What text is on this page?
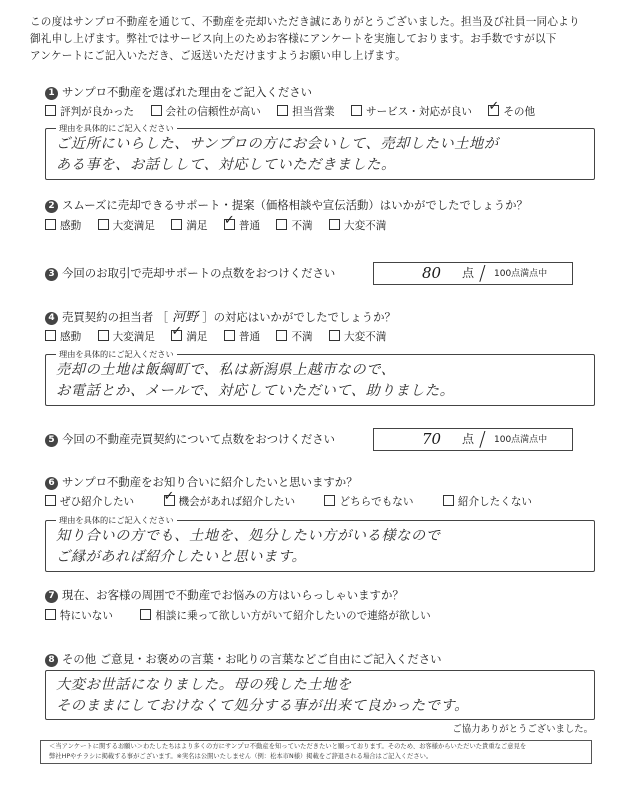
この度はサンプロ不動産を通じて、不動産を売却いただき誠にありがとうございました。担当及び社員一同心より
御礼申し上げます。弊社ではサービス向上のためお客様にアンケートを実施しております。お手数ですが以下
アンケートにご記入いただき、ご返送いただけますようお願い申し上げます。
1 サンプロ不動産を選ばれた理由をご記入ください
評判が良かった	会社の信頼性が高い	担当営業	サービス・対応が良い ✓	その他
理由を具体的にご記入ください
ご近所にいらした、サンプロの方にお会いして、売却したい土地が
ある事を、お話しして、対応していただきました。
2 スムーズに売却できるサポート・提案（価格相談や宣伝活動）はいかがでしたでしょうか？
感動	大変満足	満足 ✓	普通	不満	大変不満
3 今回のお取引で売却サポートの点数をおつけください	80 点 / 100点満点中
4 売買契約の担当者 ［ 河野 ］の対応はいかがでしたでしょうか？
感動	大変満足 ✓	満足	普通	不満	大変不満
理由を具体的にご記入ください
売却の土地は飯綱町で、私は新潟県上越市なので、
お電話とか、メールで、対応していただいて、助りました。
5 今回の不動産売買契約について点数をおつけください	70 点 / 100点満点中
6 サンプロ不動産をお知り合いに紹介したいと思いますか？
ぜひ紹介したい ✓	機会があれば紹介したい	どちらでもない	紹介したくない
理由を具体的にご記入ください
知り合いの方でも、土地を、処分したい方がいる様なので
ご縁があれば紹介したいと思います。
7 現在、お客様の周囲で不動産でお悩みの方はいらっしゃいますか？
特にいない	相談に乗って欲しい方がいて紹介したいので連絡が欲しい
8 その他 ご意見・お褒めの言葉・お叱りの言葉などご自由にご記入ください
大変お世話になりました。母の残した土地を
そのままにしておけなくて処分する事が出来て良かったです。
ご協力ありがとうございました。
＜当アンケートに関するお願い＞わたしたちはより多くの方にサンプロ不動産を知っていただきたいと願っております。そのため、お客様からいただいた貴重なご意見を
弊社HPやチラシに掲載する事がございます。※実名は公開いたしません（例：松本市N様）掲載をご辞退される場合はご記入ください。
